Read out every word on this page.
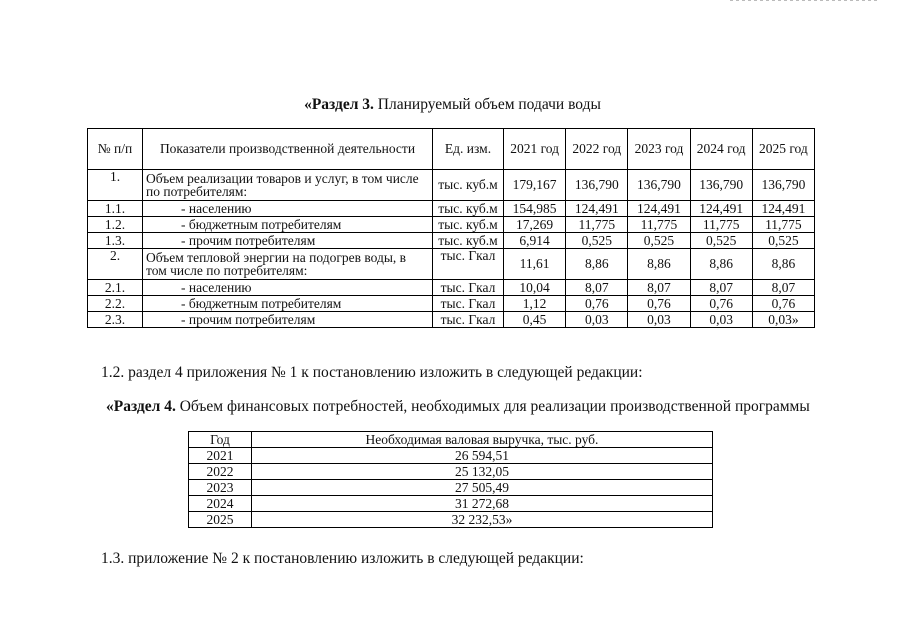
«Раздел 3. Планируемый объем подачи воды
№ п/п	Показатели производственной деятельности	Ед. изм.	2021 год	2022 год	2023 год	2024 год	2025 год
1.	Объем реализации товаров и услуг, в том числе по потребителям:	тыс. куб.м	179,167	136,790	136,790	136,790	136,790
1.1.	- населению	тыс. куб.м	154,985	124,491	124,491	124,491	124,491
1.2.	- бюджетным потребителям	тыс. куб.м	17,269	11,775	11,775	11,775	11,775
1.3.	- прочим потребителям	тыс. куб.м	6,914	0,525	0,525	0,525	0,525
2.	Объем тепловой энергии на подогрев воды, в том числе по потребителям:	тыс. Гкал	11,61	8,86	8,86	8,86	8,86
2.1.	- населению	тыс. Гкал	10,04	8,07	8,07	8,07	8,07
2.2.	- бюджетным потребителям	тыс. Гкал	1,12	0,76	0,76	0,76	0,76
2.3.	- прочим потребителям	тыс. Гкал	0,45	0,03	0,03	0,03	0,03»
1.2. раздел 4 приложения № 1 к постановлению изложить в следующей редакции:
«Раздел 4. Объем финансовых потребностей, необходимых для реализации производственной программы
Год	Необходимая валовая выручка, тыс. руб.
2021	26 594,51
2022	25 132,05
2023	27 505,49
2024	31 272,68
2025	32 232,53»
1.3. приложение № 2 к постановлению изложить в следующей редакции:
